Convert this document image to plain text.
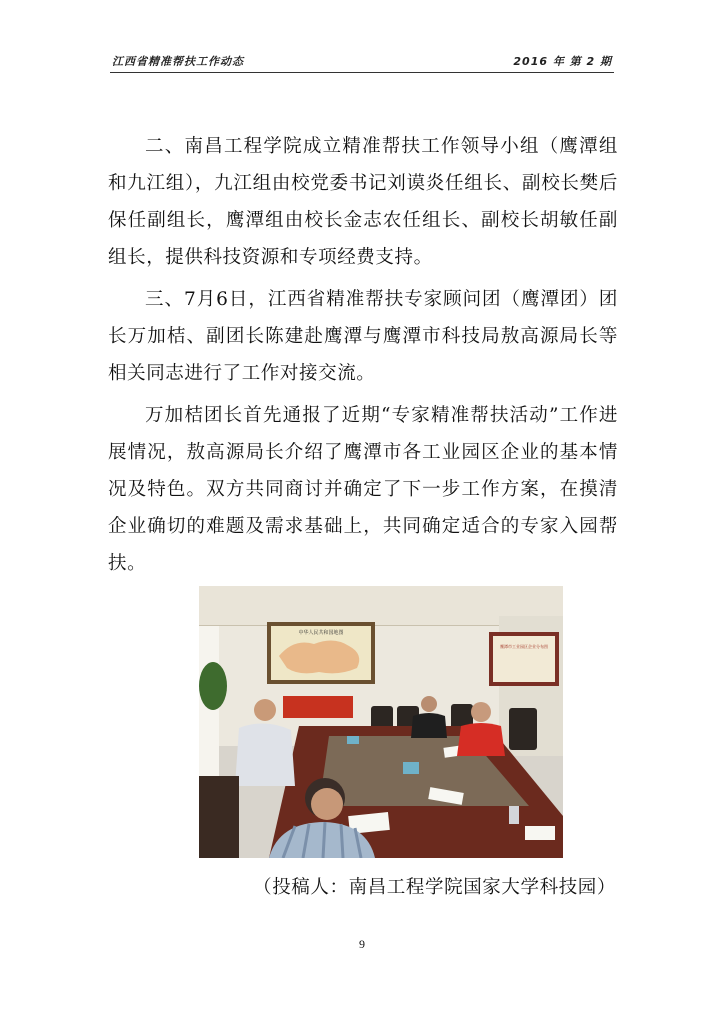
江西省精准帮扶工作动态	2016 年 第 2 期

二、南昌工程学院成立精准帮扶工作领导小组（鹰潭组和九江组），九江组由校党委书记刘谟炎任组长、副校长樊后保任副组长，鹰潭组由校长金志农任组长、副校长胡敏任副组长，提供科技资源和专项经费支持。

三、7月6日，江西省精准帮扶专家顾问团（鹰潭团）团长万加桔、副团长陈建赴鹰潭与鹰潭市科技局敖高源局长等相关同志进行了工作对接交流。

万加桔团长首先通报了近期“专家精准帮扶活动”工作进展情况，敖高源局长介绍了鹰潭市各工业园区企业的基本情况及特色。双方共同商讨并确定了下一步工作方案，在摸清企业确切的难题及需求基础上，共同确定适合的专家入园帮扶。

中华人民共和国地图
鹰潭市工业园区企业分布图
（投稿人：南昌工程学院国家大学科技园）
9
